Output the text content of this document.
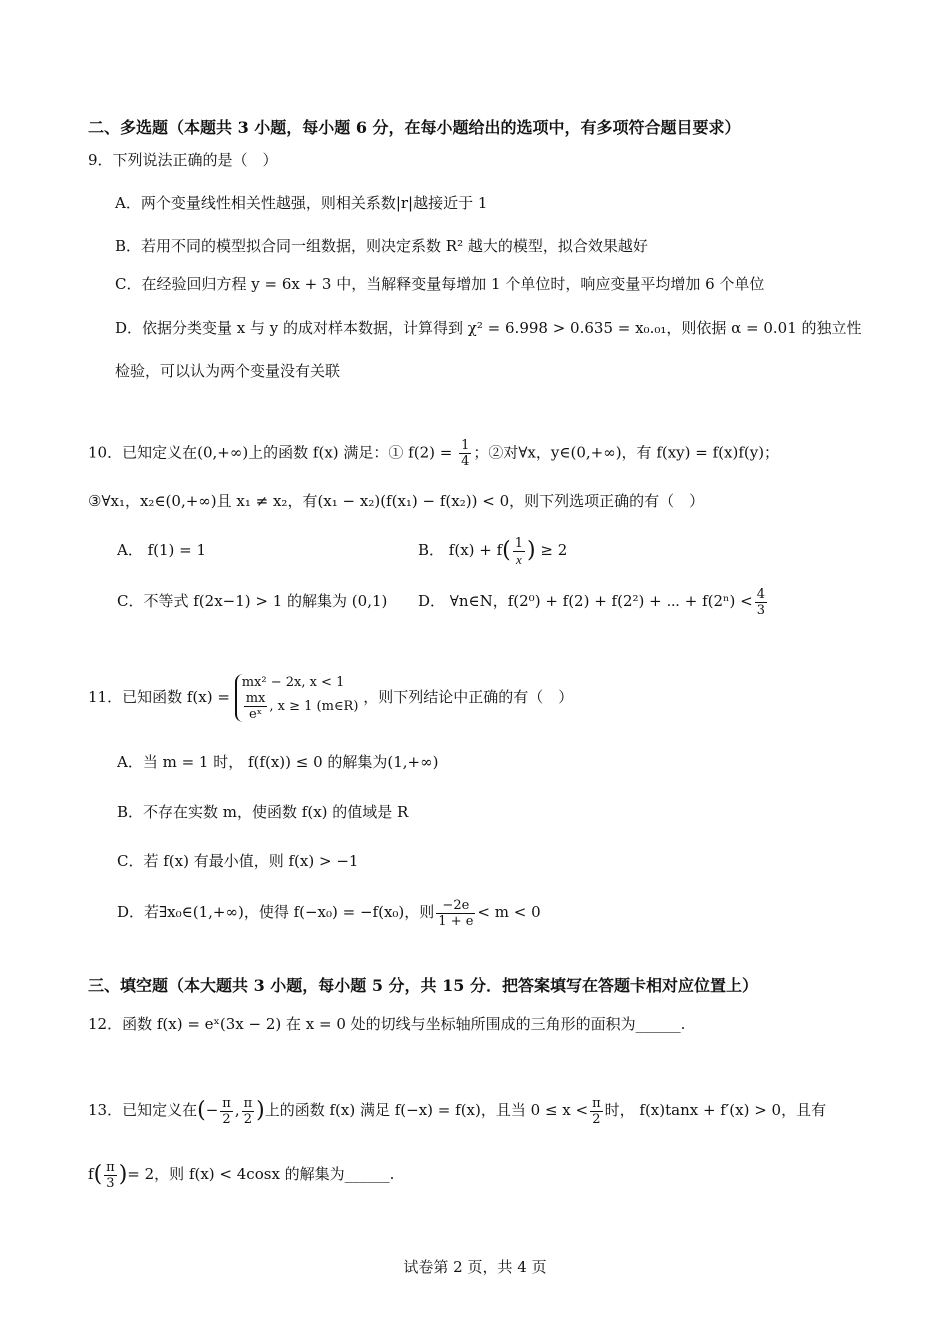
二、多选题（本题共 3 小题，每小题 6 分，在每小题给出的选项中，有多项符合题目要求）
9．下列说法正确的是（　）
A．两个变量线性相关性越强，则相关系数|r|越接近于 1
B．若用不同的模型拟合同一组数据，则决定系数 R² 越大的模型，拟合效果越好
C．在经验回归方程 y = 6x + 3 中，当解释变量每增加 1 个单位时，响应变量平均增加 6 个单位
D．依据分类变量 x 与 y 的成对样本数据，计算得到 χ² = 6.998 > 0.635 = x₀.₀₁，则依据 α = 0.01 的独立性
检验，可以认为两个变量没有关联
10．已知定义在(0,+∞)上的函数 f(x) 满足：① $f(2) = \frac{1}{4}$ ；②对∀x，y∈(0,+∞)，有 f(xy) = f(x)f(y)；
③∀x₁，x₂∈(0,+∞)且 x₁ ≠ x₂，有(x₁ − x₂)(f(x₁) − f(x₂)) < 0，则下列选项正确的有（　）
A． f(1) = 1	B． $f(x) + f( \frac{1}{x}$ ) ≥ 2
C．不等式 f(2x−1) > 1 的解集为 (0,1) D． ∀n∈N，f(2⁰) + f(2) + f(2²) + ⋯ + $f(2^n) < \frac{4}{3}$
11．已知函数 f(x) =
mx² − 2x, x < 1
$\frac{mx}{\text{eˣ}}$ , x ≥ 1 (m∈R)
，则下列结论中正确的有（　）
A．当 m = 1 时， f(f(x)) ≤ 0 的解集为(1,+∞)
B．不存在实数 m，使函数 f(x) 的值域是 R
C．若 f(x) 有最小值，则 f(x) > −1
D．若∃x₀∈(1,+∞)，使得 f(−x₀) = −f(x₀)，则 $\frac{-2e}{1 + e} < m < 0$
三、填空题（本大题共 3 小题，每小题 5 分，共 15 分．把答案填写在答题卡相对应位置上）
12．函数 f(x) = eˣ(3x − 2) 在 x = 0 处的切线与坐标轴所围成的三角形的面积为______.
13．已知定义在(− $\frac{\pi}{2}$ , $\frac{\pi}{2}$ )上的函数 f(x) 满足 f(−x) = f(x)，且当 $0 \le x < \frac{\pi}{2}$ 时， f(x)tanx + f′(x) > 0，且有
$f( \frac{\pi}{3}$ )= 2，则 f(x) < 4cosx 的解集为______.
试卷第 2 页，共 4 页
